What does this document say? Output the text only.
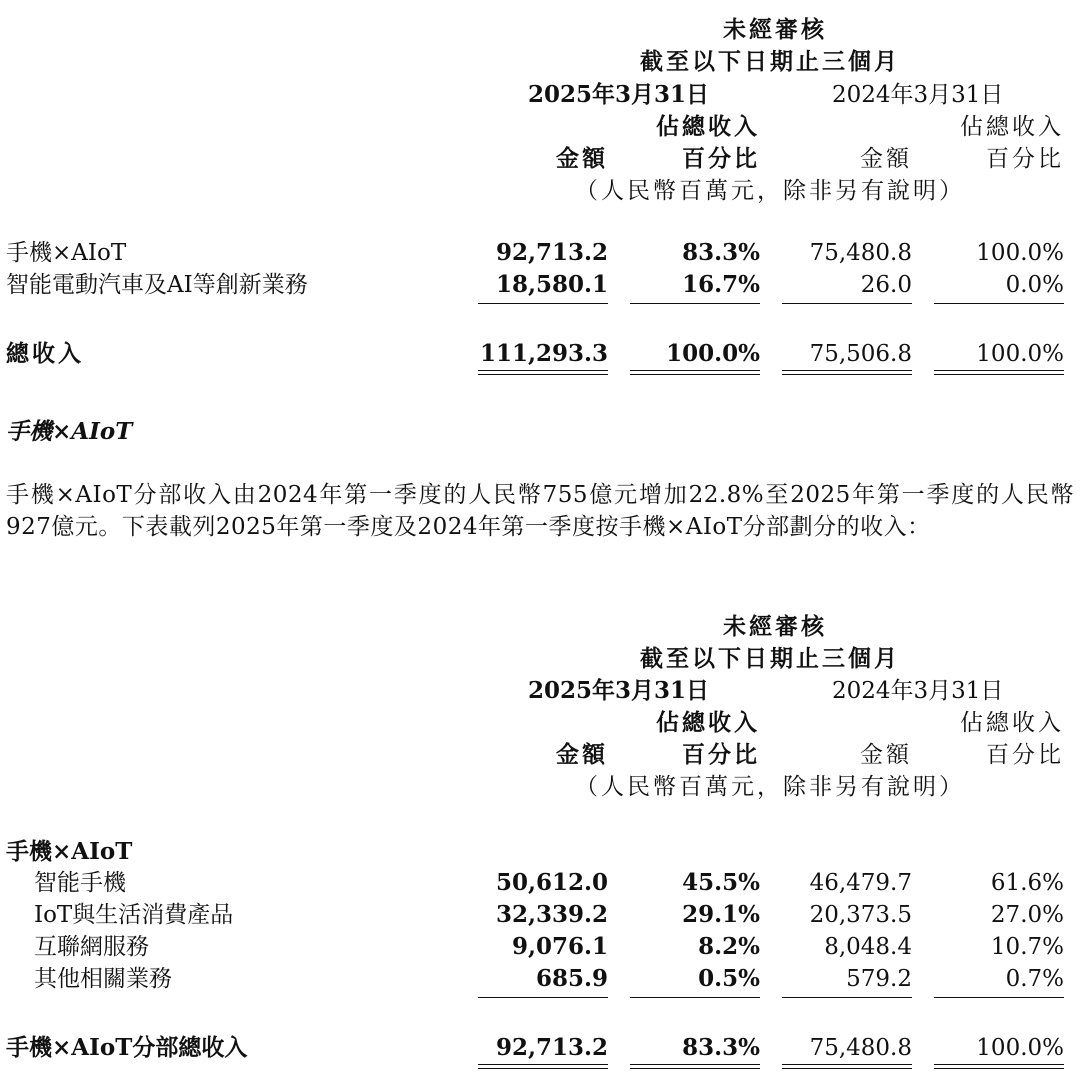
未經審核
截至以下日期止三個月
2025年3月31日	2024年3月31日
佔總收入	佔總收入
金額	百分比	金額	百分比
（人民幣百萬元，除非另有說明）
手機×AIoT	92,713.2	83.3%	75,480.8	100.0%
智能電動汽車及AI等創新業務	18,580.1	16.7%	26.0	0.0%
總收入	111,293.3	100.0%	75,506.8	100.0%
手機×AIoT
手機×AIoT分部收入由2024年第一季度的人民幣755億元增加22.8%至2025年第一季度的人民幣927億元。下表載列2025年第一季度及2024年第一季度按手機×AIoT分部劃分的收入：
未經審核
截至以下日期止三個月
2025年3月31日	2024年3月31日
佔總收入	佔總收入
金額	百分比	金額	百分比
（人民幣百萬元，除非另有說明）
手機×AIoT
智能手機	50,612.0	45.5%	46,479.7	61.6%
IoT與生活消費產品	32,339.2	29.1%	20,373.5	27.0%
互聯網服務	9,076.1	8.2%	8,048.4	10.7%
其他相關業務	685.9	0.5%	579.2	0.7%
手機×AIoT分部總收入	92,713.2	83.3%	75,480.8	100.0%
